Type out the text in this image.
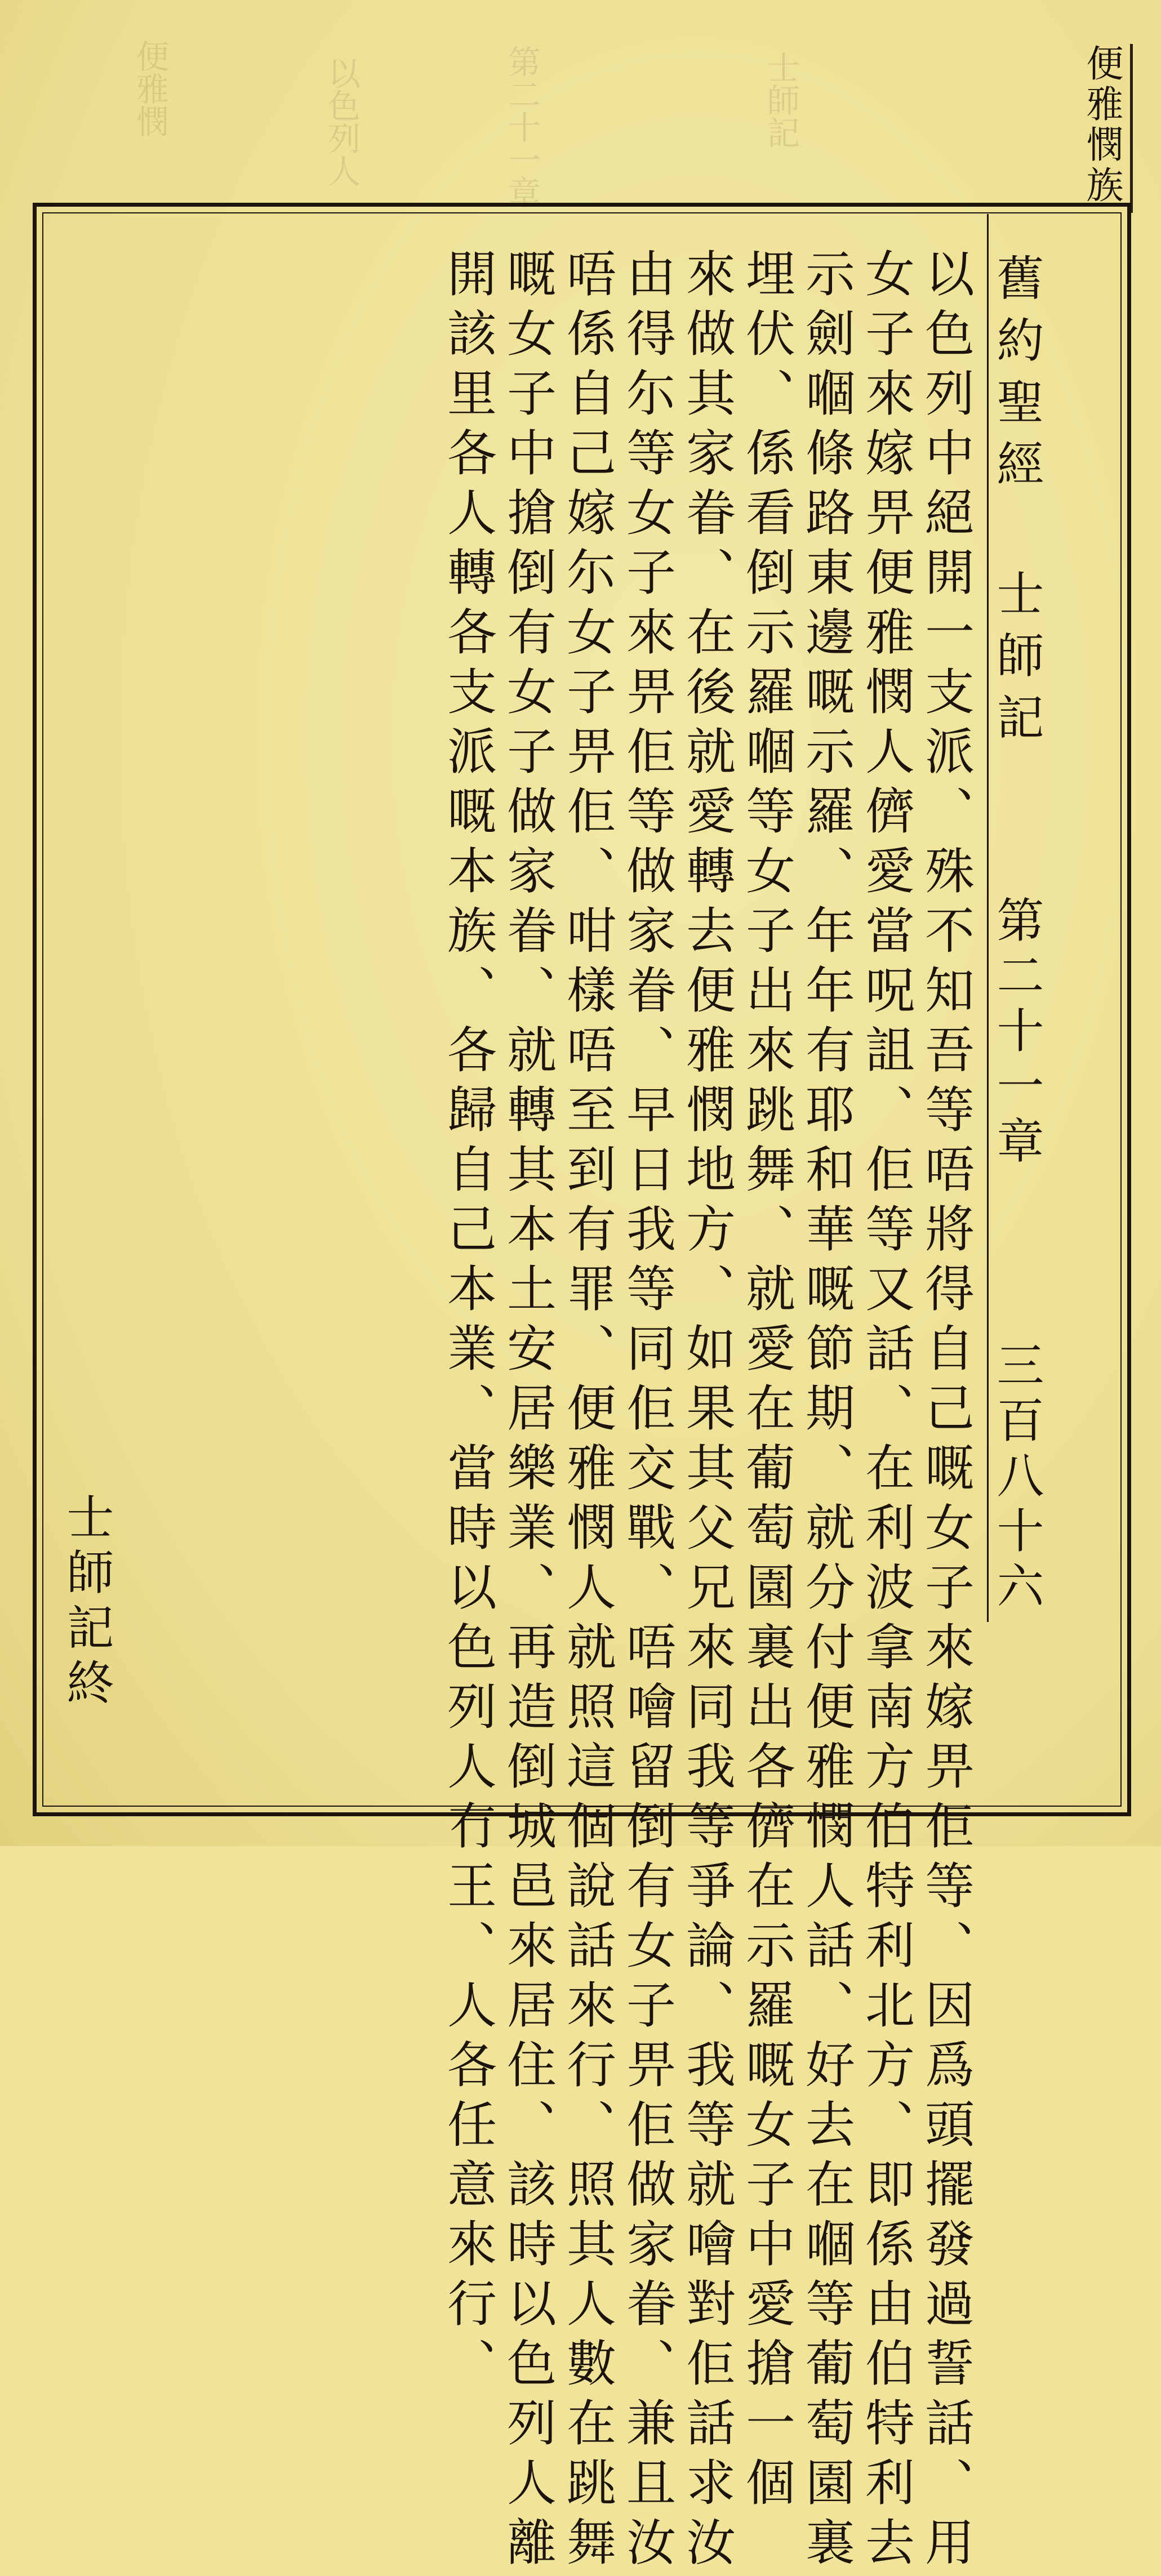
士師記
第二十一章
以色列人
便雅憫	便雅憫族
舊約聖經
士師記
第二十一章
三百八十六
以色列中絕開一支派、殊不知吾等唔將得自己嘅女子來嫁畀佢等、因爲頭擺發過誓話、用
女子來嫁畀便雅憫人儕愛當呪詛、佢等又話、在利波拿南方伯特利北方、即係由伯特利去
示劍嗰條路東邊嘅示羅、年年有耶和華嘅節期、就分付便雅憫人話、好去在嗰等葡萄園裏
埋伏、係看倒示羅嗰等女子出來跳舞、就愛在葡萄園裏出各儕在示羅嘅女子中愛搶一個
來做其家眷、在後就愛轉去便雅憫地方、如果其父兄來同我等爭論、我等就噲對佢話求汝
由得尓等女子來畀佢等做家眷、早日我等同佢交戰、唔噲留倒有女子畀佢做家眷、兼且汝
唔係自己嫁尓女子畀佢、咁樣唔至到有罪、便雅憫人就照這個說話來行、照其人數在跳舞
嘅女子中搶倒有女子做家眷、就轉其本土安居樂業、再造倒城邑來居住、該時以色列人離
開該里各人轉各支派嘅本族、各歸自己本業、當時以色列人冇王、人各任意來行、
士師記終
